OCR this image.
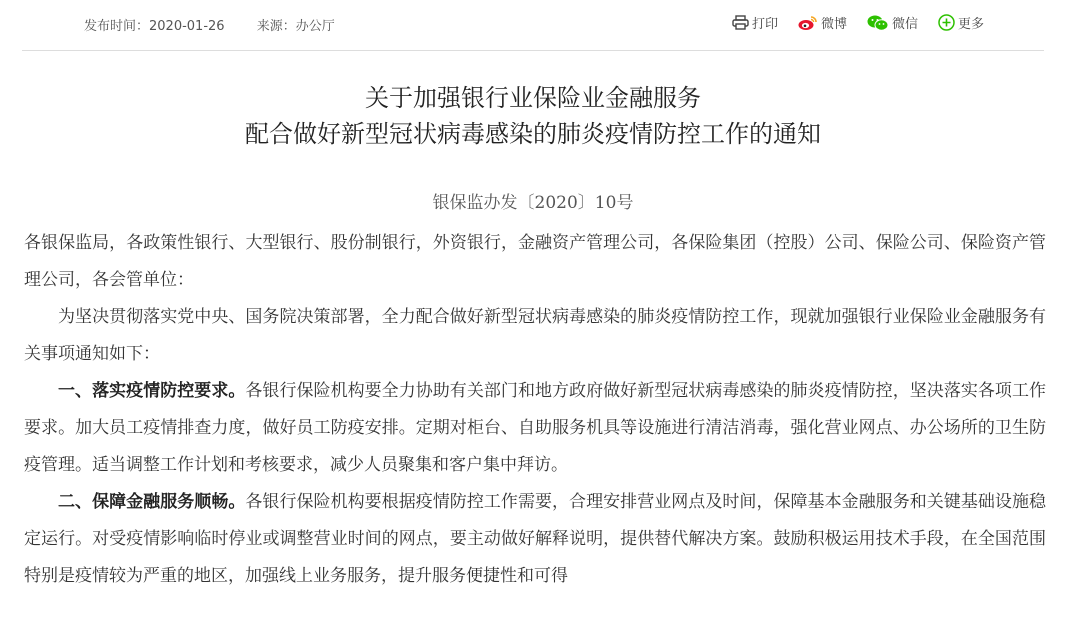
发布时间：2020-01-26 来源：办公厅	打印	微博	微信	更多
关于加强银行业保险业金融服务
配合做好新型冠状病毒感染的肺炎疫情防控工作的通知
银保监办发〔2020〕10号

各银保监局，各政策性银行、大型银行、股份制银行，外资银行，金融资产管理公司，各保险集团（控股）公司、保险公司、保险资产管理公司，各会管单位：

为坚决贯彻落实党中央、国务院决策部署，全力配合做好新型冠状病毒感染的肺炎疫情防控工作，现就加强银行业保险业金融服务有关事项通知如下：

一、落实疫情防控要求。各银行保险机构要全力协助有关部门和地方政府做好新型冠状病毒感染的肺炎疫情防控，坚决落实各项工作要求。加大员工疫情排查力度，做好员工防疫安排。定期对柜台、自助服务机具等设施进行清洁消毒，强化营业网点、办公场所的卫生防疫管理。适当调整工作计划和考核要求，减少人员聚集和客户集中拜访。

二、保障金融服务顺畅。各银行保险机构要根据疫情防控工作需要，合理安排营业网点及时间，保障基本金融服务和关键基础设施稳定运行。对受疫情影响临时停业或调整营业时间的网点，要主动做好解释说明，提供替代解决方案。鼓励积极运用技术手段，在全国范围特别是疫情较为严重的地区，加强线上业务服务，提升服务便捷性和可得
